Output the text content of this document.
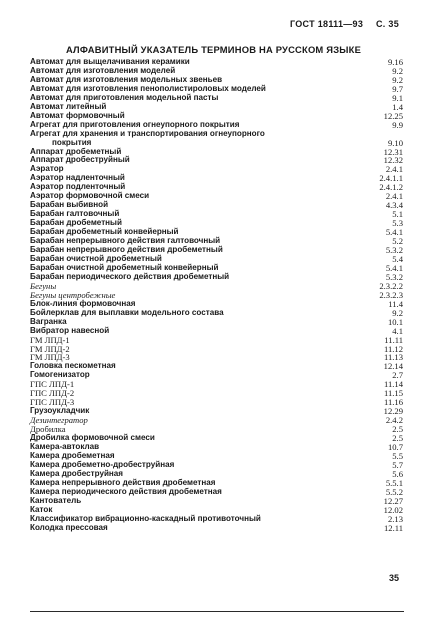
ГОСТ 18111—93 С. 35
АЛФАВИТНЫЙ УКАЗАТЕЛЬ ТЕРМИНОВ НА РУССКОМ ЯЗЫКЕ
Автомат для выщелачивания керамики	9.16
Автомат для изготовления моделей	9.2
Автомат для изготовления модельных звеньев	9.2
Автомат для изготовления пенополистироловых моделей	9.7
Автомат для приготовления модельной пасты	9.1
Автомат литейный	1.4
Автомат формовочный	12.25
Агрегат для приготовления огнеупорного покрытия	9.9
Агрегат для хранения и транспортирования огнеупорного
покрытия	9.10
Аппарат дробеметный	12.31
Аппарат дробеструйный	12.32
Аэратор	2.4.1
Аэратор надленточный	2.4.1.1
Аэратор подленточный	2.4.1.2
Аэратор формовочной смеси	2.4.1
Барабан выбивной	4.3.4
Барабан галтовочный	5.1
Барабан дробеметный	5.3
Барабан дробеметный конвейерный	5.4.1
Барабан непрерывного действия галтовочный	5.2
Барабан непрерывного действия дробеметный	5.3.2
Барабан очистной дробеметный	5.4
Барабан очистной дробеметный конвейерный	5.4.1
Барабан периодического действия дробеметный	5.3.2
Бегуны	2.3.2.2
Бегуны центробежные	2.3.2.3
Блок-линия формовочная	11.4
Бойлерклав для выплавки модельного состава	9.2
Вагранка	10.1
Вибратор навесной	4.1
ГМ ЛПД-1	11.11
ГМ ЛПД-2	11.12
ГМ ЛПД-3	11.13
Головка пескометная	12.14
Гомогенизатор	2.7
ГПС ЛПД-1	11.14
ГПС ЛПД-2	11.15
ГПС ЛПД-3	11.16
Грузоукладчик	12.29
Дезинтегратор	2.4.2
Дробилка	2.5
Дробилка формовочной смеси	2.5
Камера-автоклав	10.7
Камера дробеметная	5.5
Камера дробеметно-дробеструйная	5.7
Камера дробеструйная	5.6
Камера непрерывного действия дробеметная	5.5.1
Камера периодического действия дробеметная	5.5.2
Кантователь	12.27
Каток	12.02
Классификатор вибрационно-каскадный противоточный	2.13
Колодка прессовая	12.11
35
